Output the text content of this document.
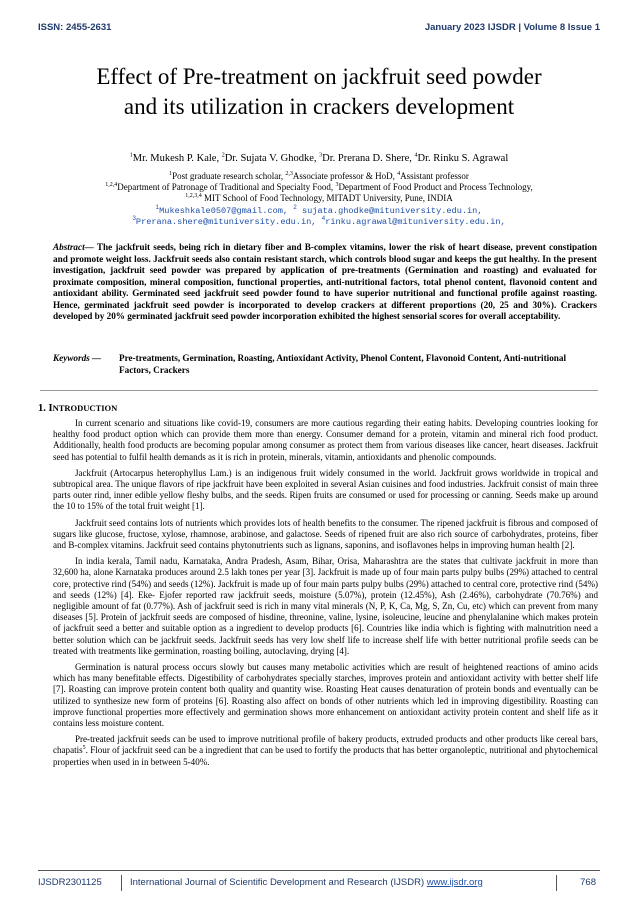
ISSN: 2455-2631	January 2023 IJSDR | Volume 8 Issue 1
Effect of Pre-treatment on jackfruit seed powder
and its utilization in crackers development
$^1$Mr. Mukesh P. Kale, $^2$Dr. Sujata V. Ghodke, $^3$Dr. Prerana D. Shere, $^4$Dr. Rinku S. Agrawal
$^1$Post graduate research scholar, $^{2,3}$Associate professor & HoD, $^4$Assistant professor
$^{1,2,4}$Department of Patronage of Traditional and Specialty Food, $^3$Department of Food Product and Process Technology,
$^{1,2,3,4}$ MIT School of Food Technology, MITADT University, Pune, INDIA
$^1$Mukeshkale0507@gmail.com, $^2$ sujata.ghodke@mituniversity.edu.in,
$^3$Prerana.shere@mituniversity.edu.in, $^4$rinku.agrawal@mituniversity.edu.in,
Abstract— The jackfruit seeds, being rich in dietary fiber and B-complex vitamins, lower the risk of heart disease, prevent constipation and promote weight loss. Jackfruit seeds also contain resistant starch, which controls blood sugar and keeps the gut healthy. In the present investigation, jackfruit seed powder was prepared by application of pre-treatments (Germination and roasting) and evaluated for proximate composition, mineral composition, functional properties, anti-nutritional factors, total phenol content, flavonoid content and antioxidant ability. Germinated seed jackfruit seed powder found to have superior nutritional and functional profile against roasting. Hence, germinated jackfruit seed powder is incorporated to develop crackers at different proportions (20, 25 and 30%). Crackers developed by 20% germinated jackfruit seed powder incorporation exhibited the highest sensorial scores for overall acceptability.
Keywords — Pre-treatments, Germination, Roasting, Antioxidant Activity, Phenol Content, Flavonoid Content, Anti-nutritional Factors, Crackers
1. INTRODUCTION

In current scenario and situations like covid-19, consumers are more cautious regarding their eating habits. Developing countries looking for healthy food product option which can provide them more than energy. Consumer demand for a protein, vitamin and mineral rich food product. Additionally, health food products are becoming popular among consumer as protect them from various diseases like cancer, heart diseases. Jackfruit seed has potential to fulfil health demands as it is rich in protein, minerals, vitamin, antioxidants and phenolic compounds.

Jackfruit (Artocarpus heterophyllus Lam.) is an indigenous fruit widely consumed in the world. Jackfruit grows worldwide in tropical and subtropical area. The unique flavors of ripe jackfruit have been exploited in several Asian cuisines and food industries. Jackfruit consist of main three parts outer rind, inner edible yellow fleshy bulbs, and the seeds. Ripen fruits are consumed or used for processing or canning. Seeds make up around the 10 to 15% of the total fruit weight [1].

Jackfruit seed contains lots of nutrients which provides lots of health benefits to the consumer. The ripened jackfruit is fibrous and composed of sugars like glucose, fructose, xylose, rhamnose, arabinose, and galactose. Seeds of ripened fruit are also rich source of carbohydrates, proteins, fiber and B-complex vitamins. Jackfruit seed contains phytonutrients such as lignans, saponins, and isoflavones helps in improving human health [2].

In india kerala, Tamil nadu, Karnataka, Andra Pradesh, Asam, Bihar, Orisa, Maharashtra are the states that cultivate jackfruit in more than 32,600 ha, alone Karnataka produces around 2.5 lakh tones per year [3]. Jackfruit is made up of four main parts pulpy bulbs (29%) attached to central core, protective rind (54%) and seeds (12%). Jackfruit is made up of four main parts pulpy bulbs (29%) attached to central core, protective rind (54%) and seeds (12%) [4]. Eke- Ejofer reported raw jackfruit seeds, moisture (5.07%), protein (12.45%), Ash (2.46%), carbohydrate (70.76%) and negligible amount of fat (0.77%). Ash of jackfruit seed is rich in many vital minerals (N, P, K, Ca, Mg, S, Zn, Cu, etc) which can prevent from many diseases [5]. Protein of jackfruit seeds are composed of hisdine, threonine, valine, lysine, isoleucine, leucine and phenylalanine which makes protein of jackfruit seed a better and suitable option as a ingredient to develop products [6]. Countries like india which is fighting with malnutrition need a better solution which can be jackfruit seeds. Jackfruit seeds has very low shelf life to increase shelf life with better nutritional profile seeds can be treated with treatments like germination, roasting boiling, autoclaving, drying [4].

Germination is natural process occurs slowly but causes many metabolic activities which are result of heightened reactions of amino acids which has many benefitable effects. Digestibility of carbohydrates specially starches, improves protein and antioxidant activity with better shelf life [7]. Roasting can improve protein content both quality and quantity wise. Roasting Heat causes denaturation of protein bonds and eventually can be utilized to synthesize new form of proteins [6]. Roasting also affect on bonds of other nutrients which led in improving digestibility. Roasting can improve functional properties more effectively and germination shows more enhancement on antioxidant activity protein content and shelf life as it contains less moisture content.

Pre-treated jackfruit seeds can be used to improve nutritional profile of bakery products, extruded products and other products like cereal bars, chapatis$^5$. Flour of jackfruit seed can be a ingredient that can be used to fortify the products that has better organoleptic, nutritional and phytochemical properties when used in in between 5-40%.

IJSDR2301125	International Journal of Scientific Development and Research (IJSDR) www.ijsdr.org	768
